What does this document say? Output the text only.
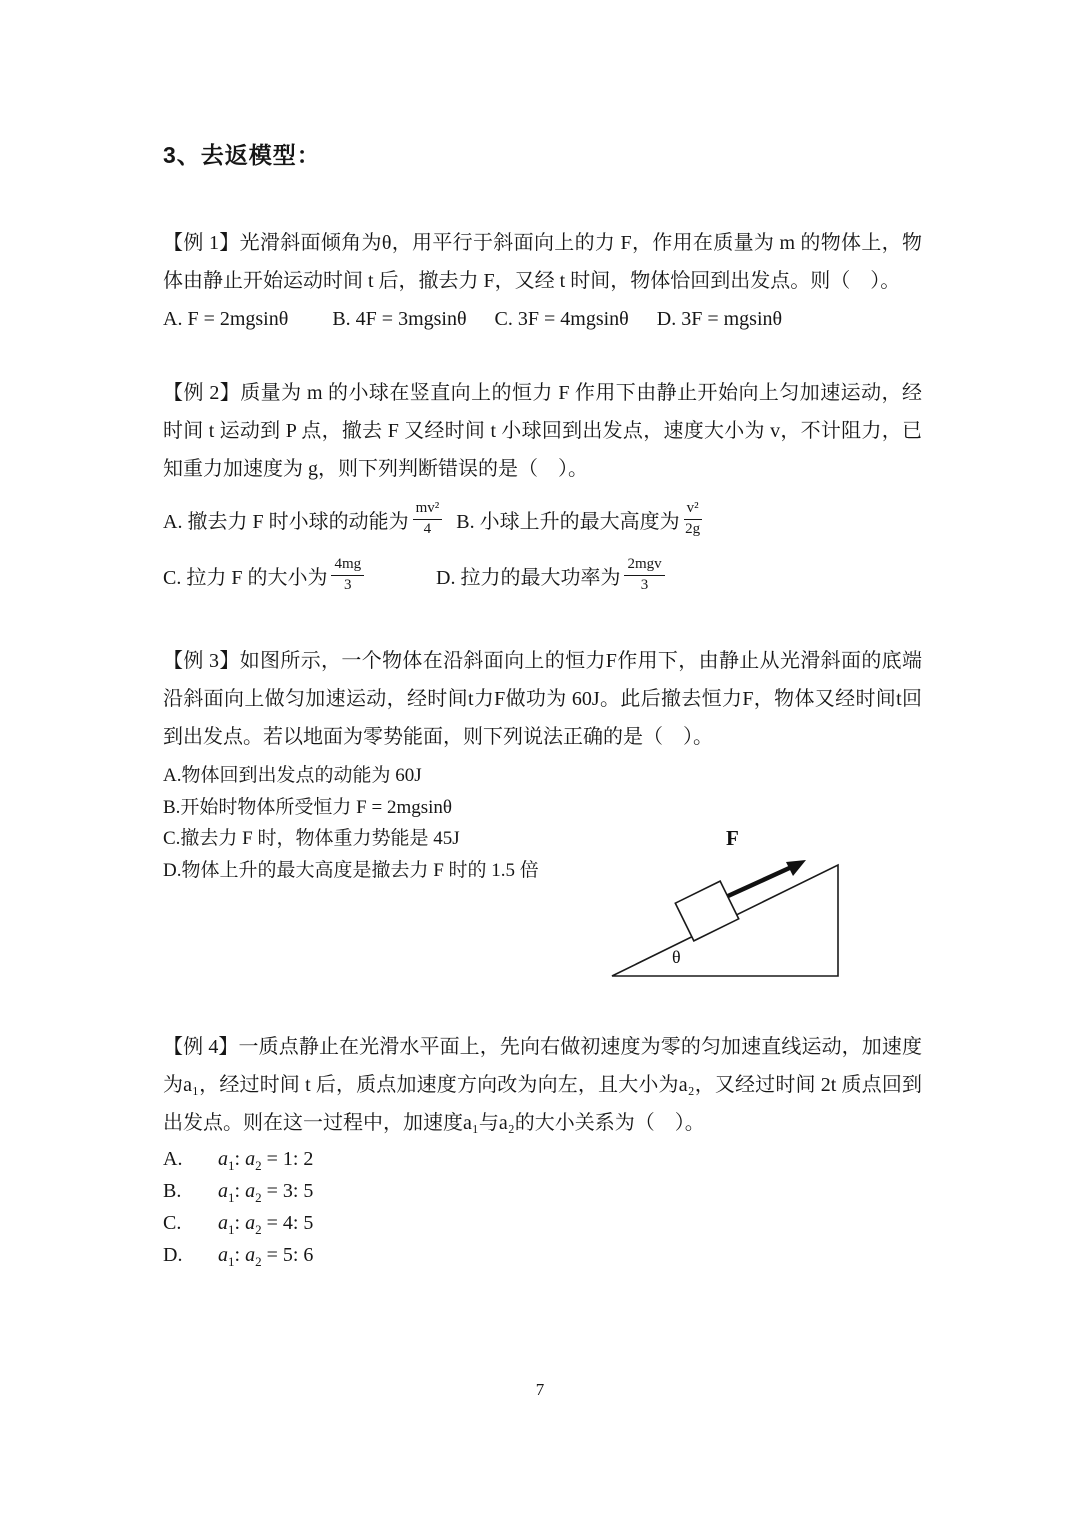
3、去返模型：

【例 1】光滑斜面倾角为θ，用平行于斜面向上的力 F，作用在质量为 m 的物体上，物体由静止开始运动时间 t 后，撤去力 F，又经 t 时间，物体恰回到出发点。则（　）。

A. F = 2mgsinθ B. 4F = 3mgsinθ C. 3F = 4mgsinθ D. 3F = mgsinθ

【例 2】质量为 m 的小球在竖直向上的恒力 F 作用下由静止开始向上匀加速运动，经时间 t 运动到 P 点，撤去 F 又经时间 t 小球回到出发点，速度大小为 v，不计阻力，已知重力加速度为 g，则下列判断错误的是（　）。

A. 撤去力 F 时小球的动能为 $\frac{\text{mv²}}{4} B$. 小球上升的最大高度为 $\frac{\text{v²}}{2g}$
C. 拉力 F 的大小为 $\frac{4mg}{3}$	D. 拉力的最大功率为 $\frac{\text{2mgv}}{3}$

【例 3】如图所示，一个物体在沿斜面向上的恒力F作用下，由静止从光滑斜面的底端沿斜面向上做匀加速运动，经时间t力F做功为 60J。此后撤去恒力F，物体又经时间t回到出发点。若以地面为零势能面，则下列说法正确的是（　）。

A.物体回到出发点的动能为 60J
B.开始时物体所受恒力 F = 2mgsinθ
C.撤去力 F 时，物体重力势能是 45J
D.物体上升的最大高度是撤去力 F 时的 1.5 倍
F
θ

【例 4】一质点静止在光滑水平面上，先向右做初速度为零的匀加速直线运动，加速度为a₁，经过时间 t 后，质点加速度方向改为向左，且大小为a₂，又经过时间 2t 质点回到出发点。则在这一过程中，加速度a₁与a₂的大小关系为（　）。

A.	$a_1$: $a_2 = 1$: 2
B.	$a_1$: $a_2 = 3$: 5
C.	$a_1$: $a_2 = 4$: 5
D.	$a_1$: $a_2 = 5$: 6
7
